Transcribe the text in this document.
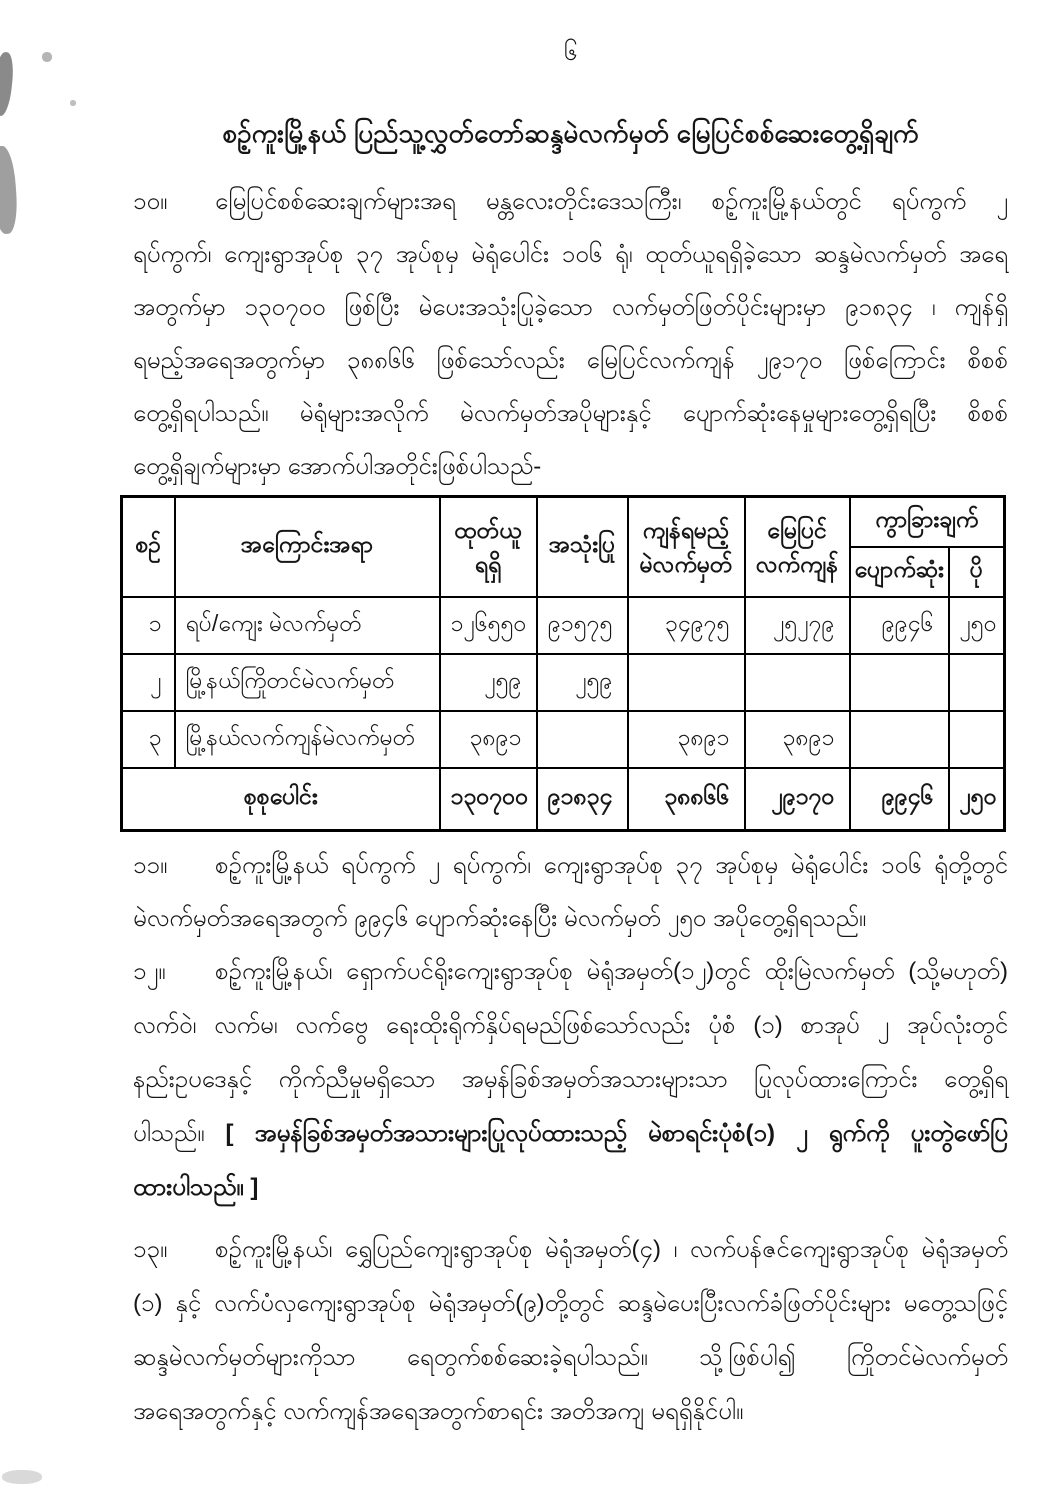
၆
စဉ့်ကူးမြို့နယ် ပြည်သူ့လွှတ်တော်ဆန္ဒမဲလက်မှတ် မြေပြင်စစ်ဆေးတွေ့ရှိချက်
၁၀။ မြေပြင်စစ်ဆေးချက်များအရ မန္တလေးတိုင်းဒေသကြီး၊ စဉ့်ကူးမြို့နယ်တွင် ရပ်ကွက် ၂
ရပ်ကွက်၊ ကျေးရွာအုပ်စု ၃၇ အုပ်စုမှ မဲရုံပေါင်း ၁၀၆ ရုံ၊ ထုတ်ယူရရှိခဲ့သော ဆန္ဒမဲလက်မှတ် အရေ
အတွက်မှာ ၁၃၀၇၀၀ ဖြစ်ပြီး မဲပေးအသုံးပြုခဲ့သော လက်မှတ်ဖြတ်ပိုင်းများမှာ ၉၁၈၃၄ ၊ ကျန်ရှိ
ရမည့်အရေအတွက်မှာ ၃၈၈၆၆ ဖြစ်သော်လည်း မြေပြင်လက်ကျန် ၂၉၁၇၀ ဖြစ်ကြောင်း စိစစ်
တွေ့ရှိရပါသည်။ မဲရုံများအလိုက် မဲလက်မှတ်အပိုများနှင့် ပျောက်ဆုံးနေမှုများတွေ့ရှိရပြီး စိစစ်
တွေ့ရှိချက်များမှာ အောက်ပါအတိုင်းဖြစ်ပါသည်-
စဉ်	အကြောင်းအရာ	ထုတ်ယူ
ရရှိ	အသုံးပြု	ကျန်ရမည့်
မဲလက်မှတ်	မြေပြင်
လက်ကျန်	ကွာခြားချက်	
						ပျောက်ဆုံး	ပို
၁	ရပ်/ကျေး မဲလက်မှတ်	၁၂၆၅၅၀	၉၁၅၇၅	၃၄၉၇၅	၂၅၂၇၉	၉၉၄၆	၂၅၀
၂	မြို့နယ်ကြိုတင်မဲလက်မှတ်	၂၅၉	၂၅၉				
၃	မြို့နယ်လက်ကျန်မဲလက်မှတ်	၃၈၉၁		၃၈၉၁	၃၈၉၁		
စုစုပေါင်း		၁၃၀၇၀၀	၉၁၈၃၄	၃၈၈၆၆	၂၉၁၇၀	၉၉၄၆	၂၅၀
၁၁။ စဉ့်ကူးမြို့နယ် ရပ်ကွက် ၂ ရပ်ကွက်၊ ကျေးရွာအုပ်စု ၃၇ အုပ်စုမှ မဲရုံပေါင်း ၁၀၆ ရုံတို့တွင်
မဲလက်မှတ်အရေအတွက် ၉၉၄၆ ပျောက်ဆုံးနေပြီး မဲလက်မှတ် ၂၅၀ အပိုတွေ့ရှိရသည်။
၁၂။ စဉ့်ကူးမြို့နယ်၊ ရှောက်ပင်ရိုးကျေးရွာအုပ်စု မဲရုံအမှတ်(၁၂)တွင် ထိုးမြဲလက်မှတ် (သို့မဟုတ်)
လက်ဝဲ၊ လက်မ၊ လက်ဗွေ ရေးထိုးရိုက်နှိပ်ရမည်ဖြစ်သော်လည်း ပုံစံ (၁) စာအုပ် ၂ အုပ်လုံးတွင်
နည်းဥပဒေနှင့် ကိုက်ညီမှုမရှိသော အမှန်ခြစ်အမှတ်အသားများသာ ပြုလုပ်ထားကြောင်း တွေ့ရှိရ
ပါသည်။ [ အမှန်ခြစ်အမှတ်အသားများပြုလုပ်ထားသည့် မဲစာရင်းပုံစံ(၁) ၂ ရွက်ကို ပူးတွဲဖော်ပြ
ထားပါသည်။ ]
၁၃။ စဉ့်ကူးမြို့နယ်၊ ရွှေပြည်ကျေးရွာအုပ်စု မဲရုံအမှတ်(၄) ၊ လက်ပန်ဇင်ကျေးရွာအုပ်စု မဲရုံအမှတ်
(၁) နှင့် လက်ပံလှကျေးရွာအုပ်စု မဲရုံအမှတ်(၉)တို့တွင် ဆန္ဒမဲပေးပြီးလက်ခံဖြတ်ပိုင်းများ မတွေ့သဖြင့်
ဆန္ဒမဲလက်မှတ်များကိုသာ ရေတွက်စစ်ဆေးခဲ့ရပါသည်။ သို့ဖြစ်ပါ၍ ကြိုတင်မဲလက်မှတ်
အရေအတွက်နှင့် လက်ကျန်အရေအတွက်စာရင်း အတိအကျ မရရှိနိုင်ပါ။
